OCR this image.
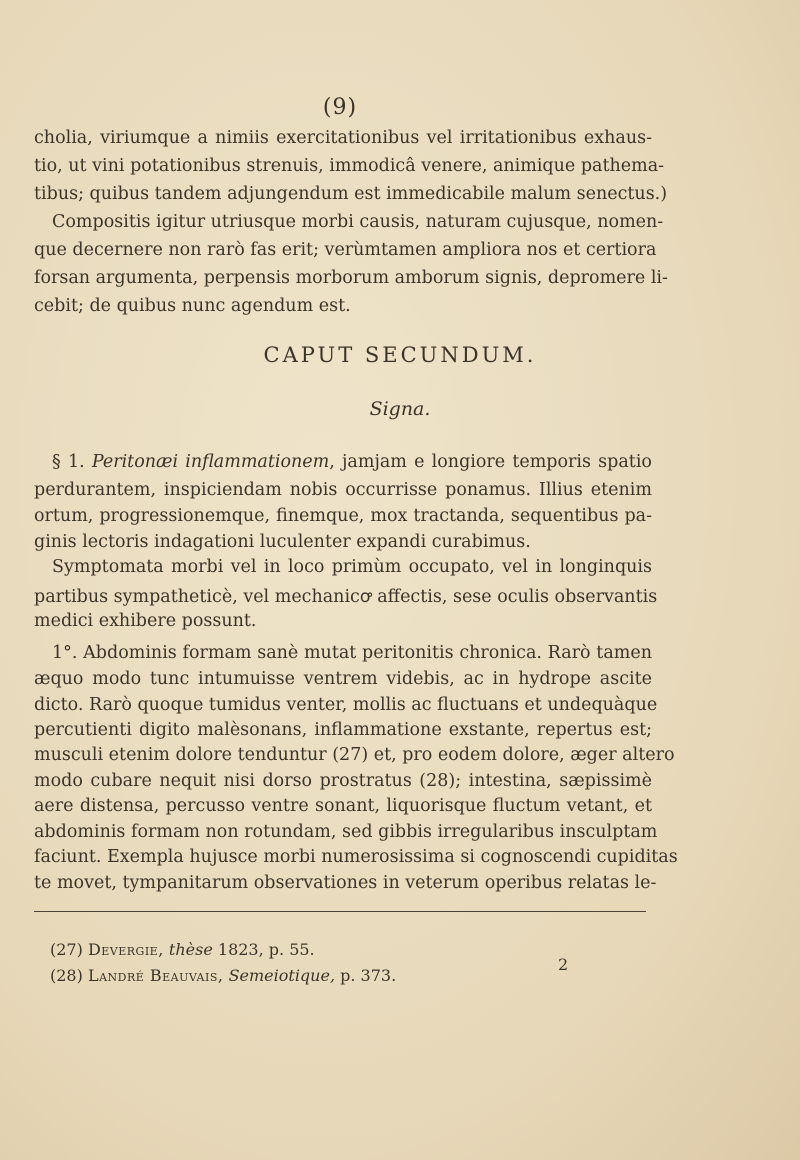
(9)
cholia, viriumque a nimiis exercitationibus vel irritationibus exhaus-
tio, ut vini potationibus strenuis, immodicâ venere, animique pathema-
tibus; quibus tandem adjungendum est immedicabile malum senectus.)
Compositis igitur utriusque morbi causis, naturam cujusque, nomen-
que decernere non rarò fas erit; verùmtamen ampliora nos et certiora
forsan argumenta, perpensis morborum amborum signis, depromere li-
cebit; de quibus nunc agendum est.
CAPUT SECUNDUM.
Signa.
§ 1. Peritonæi inflammationem, jamjam e longiore temporis spatio
perdurantem, inspiciendam nobis occurrisse ponamus. Illius etenim
ortum, progressionemque, finemque, mox tractanda, sequentibus pa-
ginis lectoris indagationi luculenter expandi curabimus.
Symptomata morbi vel in loco primùm occupato, vel in longinquis
partibus sympatheticè, vel mechanicꝍ affectis, sese oculis observantis
medici exhibere possunt.
1°. Abdominis formam sanè mutat peritonitis chronica. Rarò tamen
æquo modo tunc intumuisse ventrem videbis, ac in hydrope ascite
dicto. Rarò quoque tumidus venter, mollis ac fluctuans et undequàque
percutienti digito malèsonans, inflammatione exstante, repertus est;
musculi etenim dolore tenduntur (27) et, pro eodem dolore, æger altero
modo cubare nequit nisi dorso prostratus (28); intestina, sæpissimè
aere distensa, percusso ventre sonant, liquorisque fluctum vetant, et
abdominis formam non rotundam, sed gibbis irregularibus insculptam
faciunt. Exempla hujusce morbi numerosissima si cognoscendi cupiditas
te movet, tympanitarum observationes in veterum operibus relatas le-
(27) Devergie, thèse 1823, p. 55.
(28) Landré Beauvais, Semeiotique, p. 373.
2
